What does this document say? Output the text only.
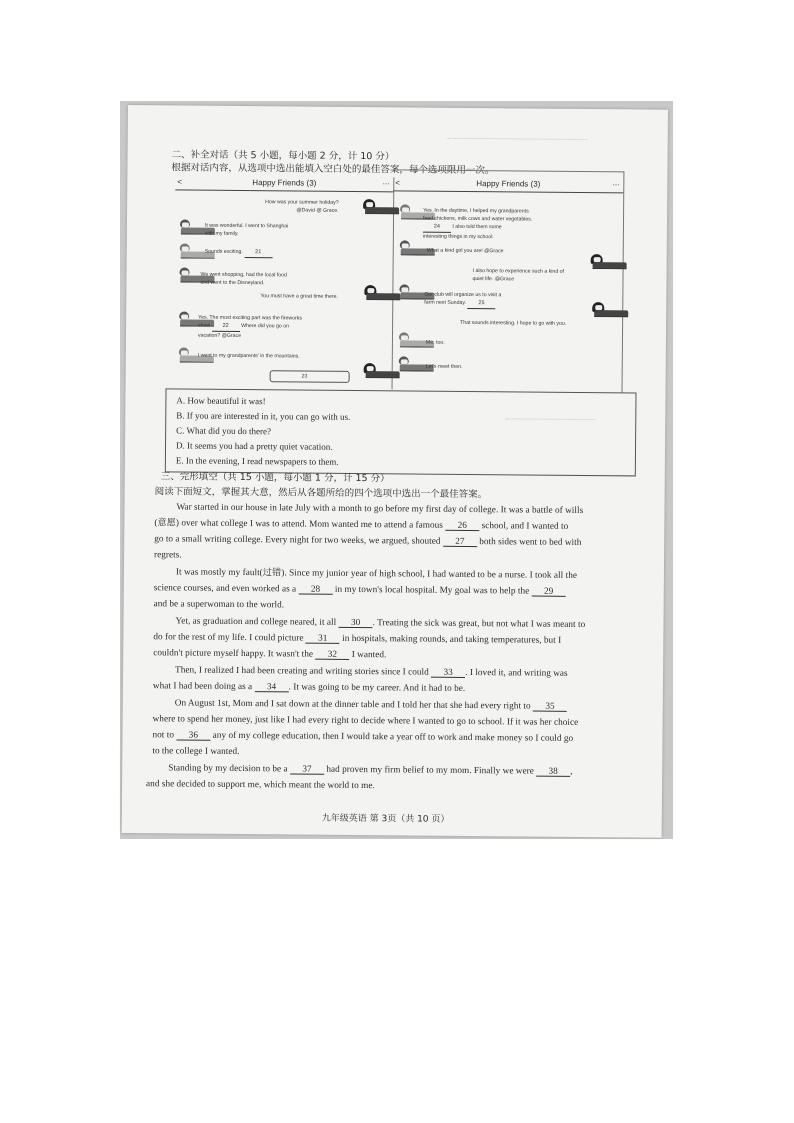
二、补全对话（共 5 小题，每小题 2 分，计 10 分）
根据对话内容，从选项中选出能填入空白处的最佳答案，每个选项限用一次。
<	Happy Friends (3)	...
How was your summer holiday?
@David @ Grace.
It was wonderful. I went to Shanghai
with my family.
Sounds exciting. 21
We went shopping, had the local food
and went to the Disneyland.
You must have a great time there.
Yes. The most exciting part was the fireworks
show 22 Where did you go on
vacation? @Grace
I went to my grandparents' in the mountains.
23
<	Happy Friends (3)	...
Yes. In the daytime, I helped my grandparents
feed chickens, milk cows and water vegetables.
24 I also told them some
interesting things in my school.
What a kind girl you are! @Grace
I also hope to experience such a kind of
quiet life. @Grace
Our club will organize us to visit a
farm next Sunday. 25
That sounds interesting. I hope to go with you.
Me, too.
Let's meet then.
A. How beautiful it was!
B. If you are interested in it, you can go with us.
C. What did you do there?
D. It seems you had a pretty quiet vacation.
E. In the evening, I read newspapers to them.
三、完形填空（共 15 小题，每小题 1 分，计 15 分）
阅读下面短文，掌握其大意，然后从各题所给的四个选项中选出一个最佳答案。
War started in our house in late July with a month to go before my first day of college. It was a battle of wills
(意愿) over what college I was to attend. Mom wanted me to attend a famous 26 school, and I wanted to
go to a small writing college. Every night for two weeks, we argued, shouted 27 both sides went to bed with
regrets.
It was mostly my fault(过错). Since my junior year of high school, I had wanted to be a nurse. I took all the
science courses, and even worked as a 28 in my town's local hospital. My goal was to help the 29
and be a superwoman to the world.
Yet, as graduation and college neared, it all 30 . Treating the sick was great, but not what I was meant to
do for the rest of my life. I could picture 31 in hospitals, making rounds, and taking temperatures, but I
couldn't picture myself happy. It wasn't the 32 I wanted.
Then, I realized I had been creating and writing stories since I could 33 . I loved it, and writing was
what I had been doing as a 34 . It was going to be my career. And it had to be.
On August 1st, Mom and I sat down at the dinner table and I told her that she had every right to 35
where to spend her money, just like I had every right to decide where I wanted to go to school. If it was her choice
not to 36 any of my college education, then I would take a year off to work and make money so I could go
to the college I wanted.
Standing by my decision to be a 37 had proven my firm belief to my mom. Finally we were 38 ,
and she decided to support me, which meant the world to me.
九年级英语 第 3页（共 10 页）
